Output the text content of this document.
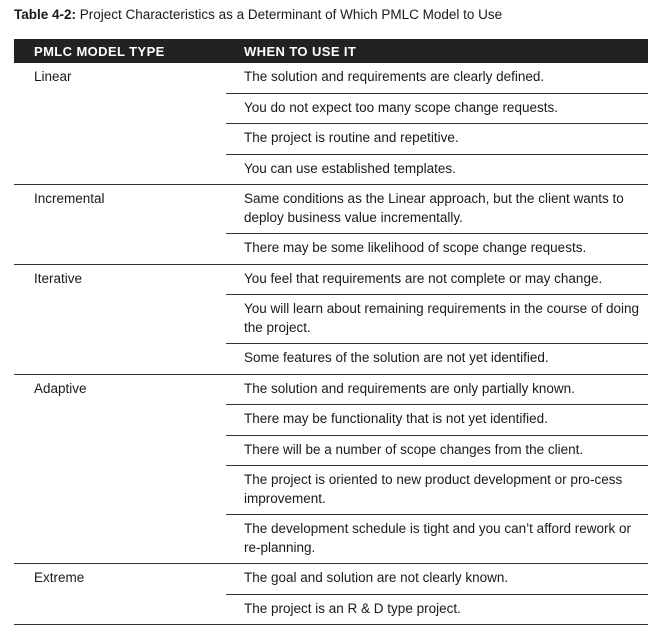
Table 4-2: Project Characteristics as a Determinant of Which PMLC Model to Use
PMLC MODEL TYPE	WHEN TO USE IT
Linear	The solution and requirements are clearly defined.
You do not expect too many scope change requests.
The project is routine and repetitive.
You can use established templates.
Incremental	Same conditions as the Linear approach, but the client wants to deploy business value incrementally.
There may be some likelihood of scope change requests.
Iterative	You feel that requirements are not complete or may change.
You will learn about remaining requirements in the course of doing the project.
Some features of the solution are not yet identified.
Adaptive	The solution and requirements are only partially known.
There may be functionality that is not yet identified.
There will be a number of scope changes from the client.
The project is oriented to new product development or pro-cess improvement.
The development schedule is tight and you can’t afford rework or re-planning.
Extreme	The goal and solution are not clearly known.
The project is an R & D type project.
